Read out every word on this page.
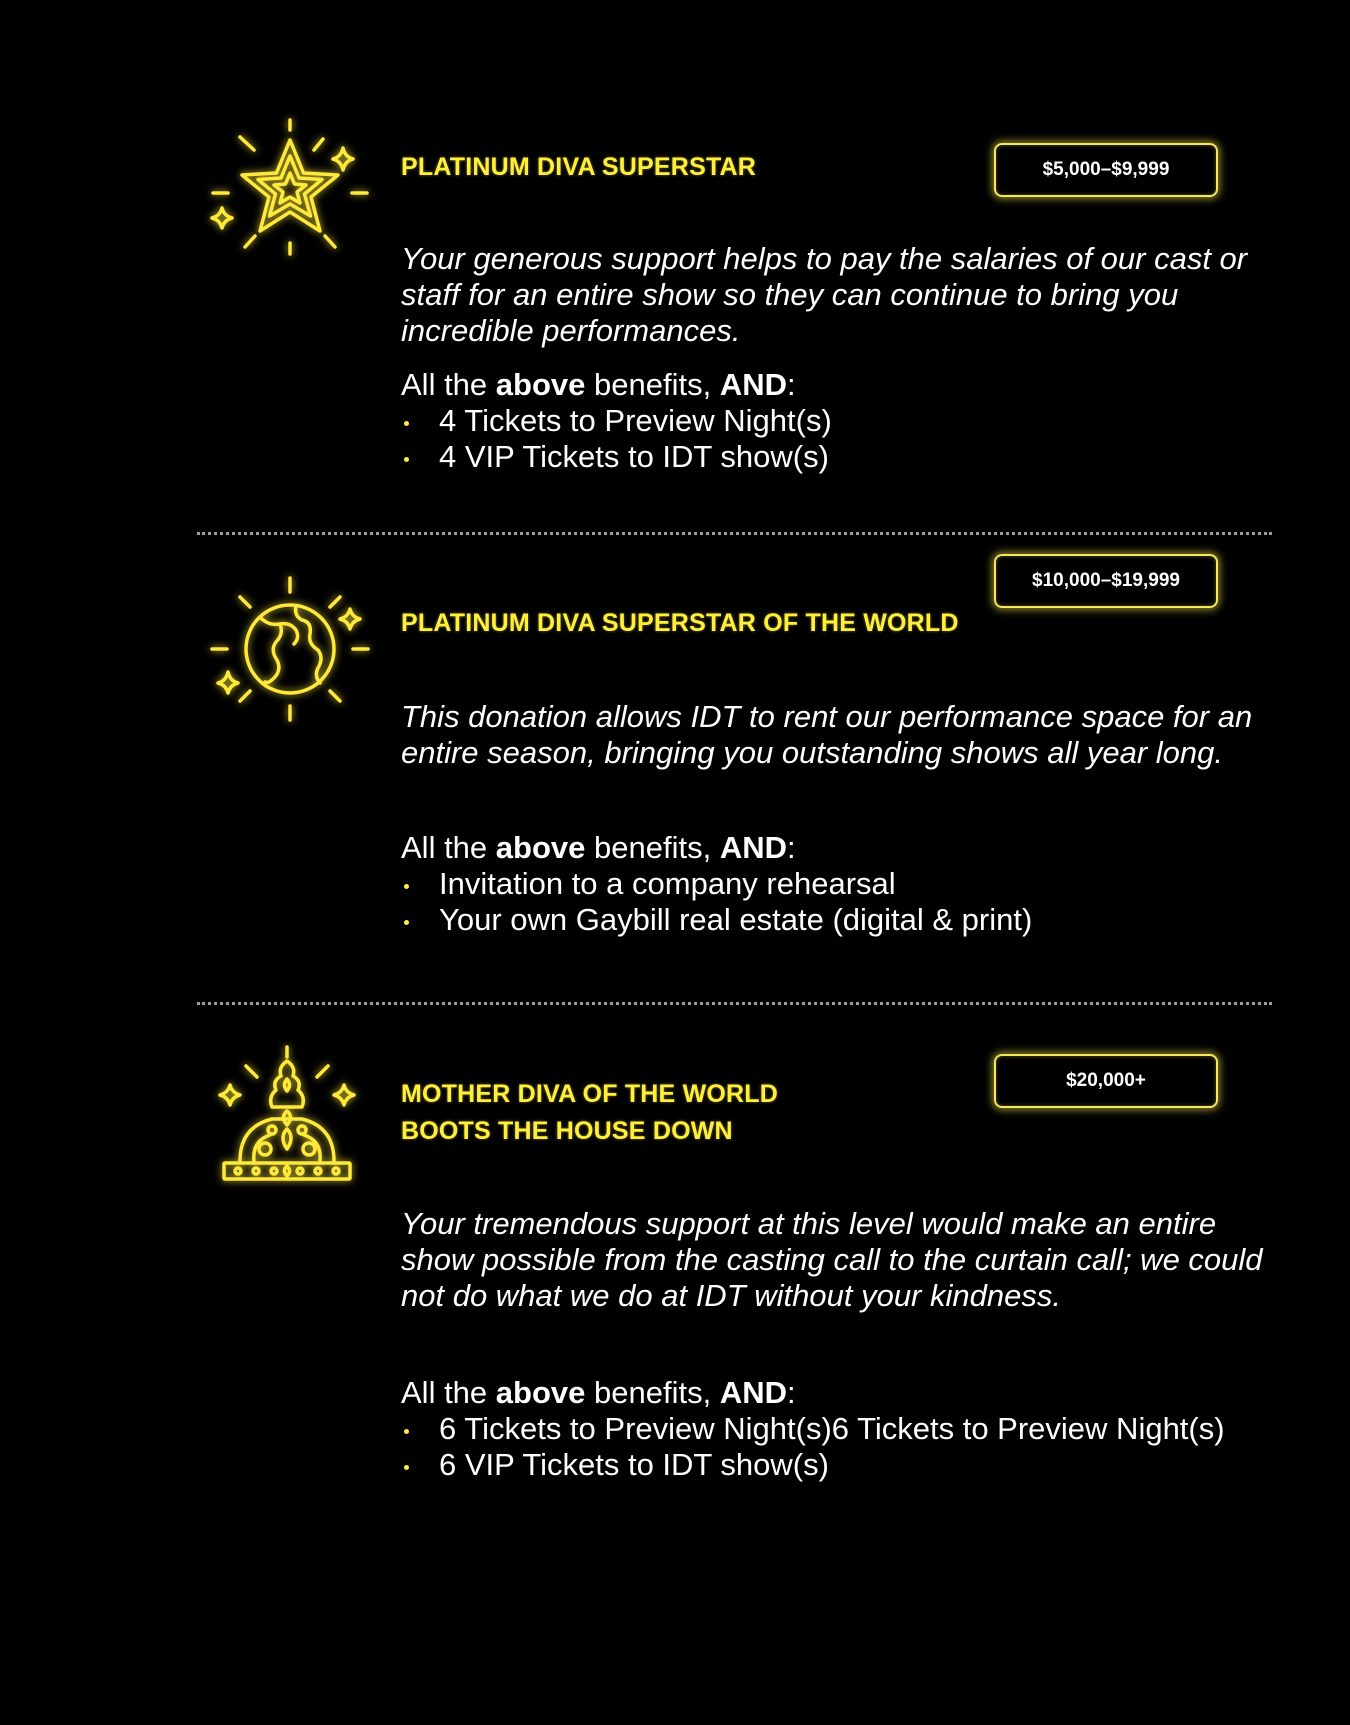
PLATINUM DIVA SUPERSTAR	$5,000–$9,999

Your generous support helps to pay the salaries of our cast or staff for an entire show so they can continue to bring you incredible performances.

All the above benefits, AND:
4 Tickets to Preview Night(s)
4 VIP Tickets to IDT show(s)
$10,000–$19,999
PLATINUM DIVA SUPERSTAR OF THE WORLD

This donation allows IDT to rent our performance space for an entire season, bringing you outstanding shows all year long.

All the above benefits, AND:
Invitation to a company rehearsal
Your own Gaybill real estate (digital & print)
$20,000+
MOTHER DIVA OF THE WORLD
BOOTS THE HOUSE DOWN

Your tremendous support at this level would make an entire show possible from the casting call to the curtain call; we could not do what we do at IDT without your kindness.

All the above benefits, AND:
6 Tickets to Preview Night(s)6 Tickets to Preview Night(s)
6 VIP Tickets to IDT show(s)
